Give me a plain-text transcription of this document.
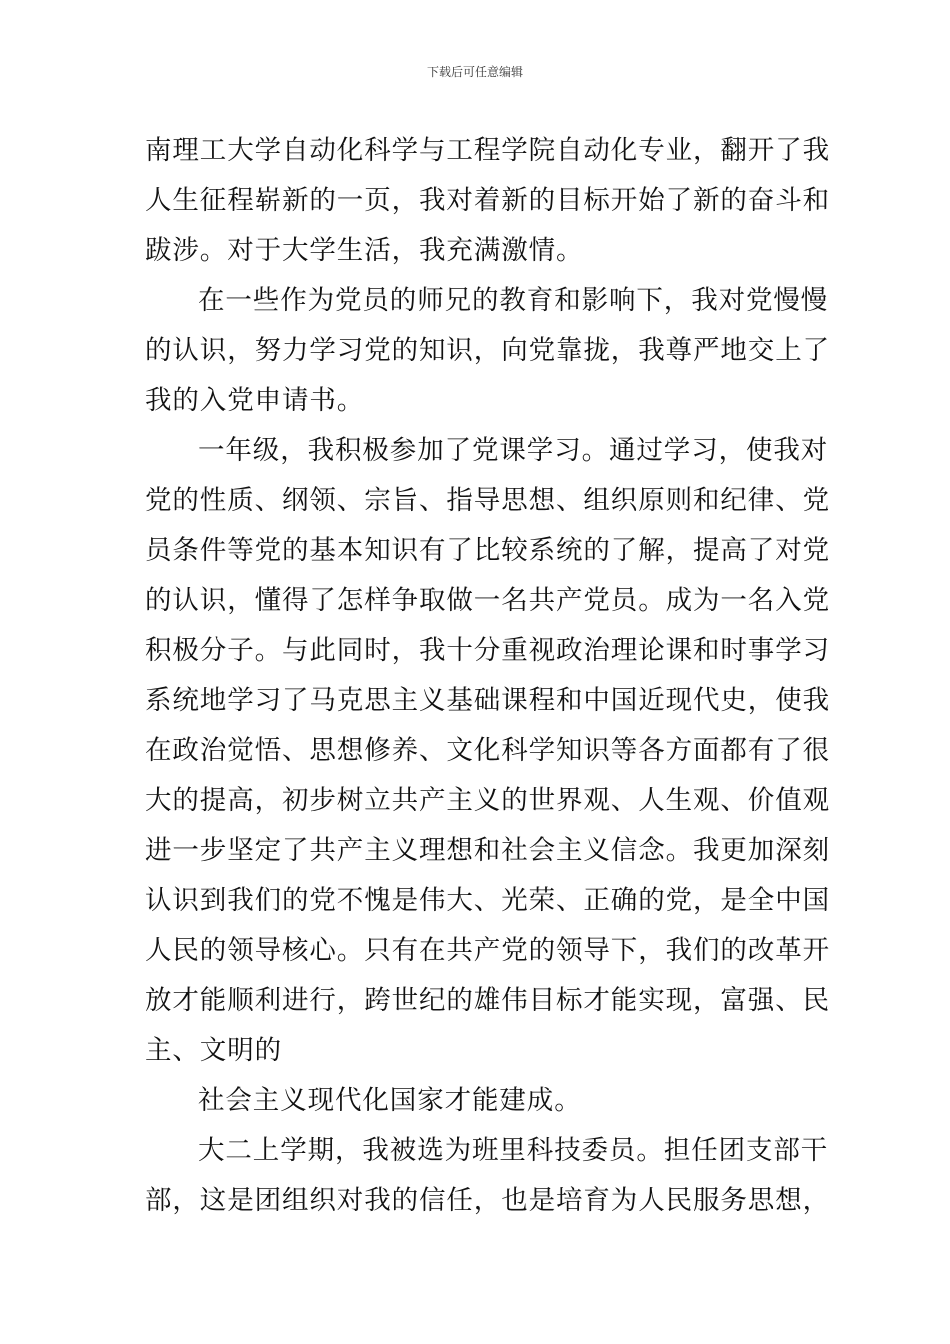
下载后可任意编辑
南理工大学自动化科学与工程学院自动化专业，翻开了我
人生征程崭新的一页，我对着新的目标开始了新的奋斗和
跋涉。对于大学生活，我充满激情。
在一些作为党员的师兄的教育和影响下，我对党慢慢
的认识，努力学习党的知识，向党靠拢，我尊严地交上了
我的入党申请书。
一年级，我积极参加了党课学习。通过学习，使我对
党的性质、纲领、宗旨、指导思想、组织原则和纪律、党
员条件等党的基本知识有了比较系统的了解，提高了对党
的认识，懂得了怎样争取做一名共产党员。成为一名入党
积极分子。与此同时，我十分重视政治理论课和时事学习
系统地学习了马克思主义基础课程和中国近现代史，使我
在政治觉悟、思想修养、文化科学知识等各方面都有了很
大的提高，初步树立共产主义的世界观、人生观、价值观
进一步坚定了共产主义理想和社会主义信念。我更加深刻
认识到我们的党不愧是伟大、光荣、正确的党，是全中国
人民的领导核心。只有在共产党的领导下，我们的改革开
放才能顺利进行，跨世纪的雄伟目标才能实现，富强、民
主、文明的
社会主义现代化国家才能建成。
大二上学期，我被选为班里科技委员。担任团支部干
部，这是团组织对我的信任，也是培育为人民服务思想，
